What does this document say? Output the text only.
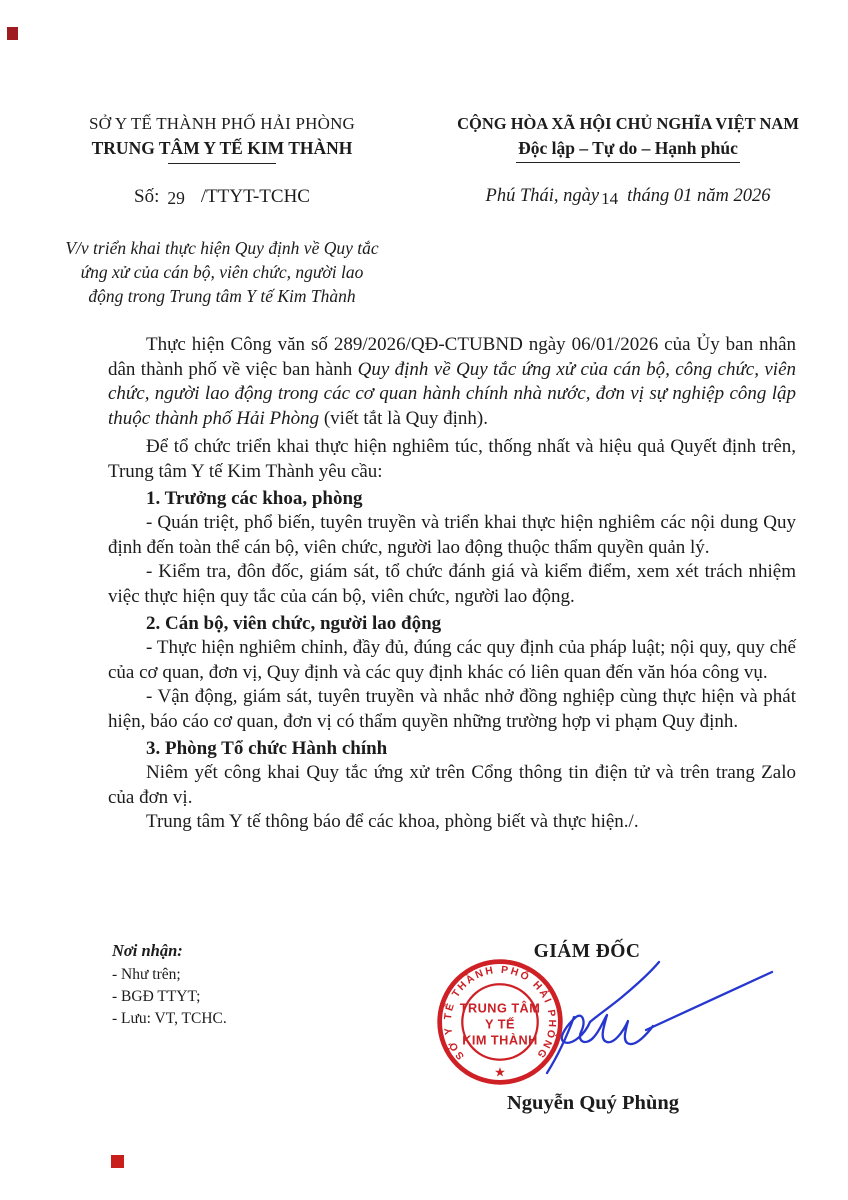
SỞ Y TẾ THÀNH PHỐ HẢI PHÒNG
TRUNG TÂM Y TẾ KIM THÀNH
Số: 29 /TTYT-TCHC
CỘNG HÒA XÃ HỘI CHỦ NGHĨA VIỆT NAM
Độc lập – Tự do – Hạnh phúc
Phú Thái, ngày 14 tháng 01 năm 2026
V/v triển khai thực hiện Quy định về Quy tắc
ứng xử của cán bộ, viên chức, người lao
động trong Trung tâm Y tế Kim Thành

Thực hiện Công văn số 289/2026/QĐ-CTUBND ngày 06/01/2026 của Ủy ban nhân dân thành phố về việc ban hành Quy định về Quy tắc ứng xử của cán bộ, công chức, viên chức, người lao động trong các cơ quan hành chính nhà nước, đơn vị sự nghiệp công lập thuộc thành phố Hải Phòng (viết tắt là Quy định).

Để tổ chức triển khai thực hiện nghiêm túc, thống nhất và hiệu quả Quyết định trên, Trung tâm Y tế Kim Thành yêu cầu:

1. Trưởng các khoa, phòng

- Quán triệt, phổ biến, tuyên truyền và triển khai thực hiện nghiêm các nội dung Quy định đến toàn thể cán bộ, viên chức, người lao động thuộc thẩm quyền quản lý.

- Kiểm tra, đôn đốc, giám sát, tổ chức đánh giá và kiểm điểm, xem xét trách nhiệm việc thực hiện quy tắc của cán bộ, viên chức, người lao động.

2. Cán bộ, viên chức, người lao động

- Thực hiện nghiêm chỉnh, đầy đủ, đúng các quy định của pháp luật; nội quy, quy chế của cơ quan, đơn vị, Quy định và các quy định khác có liên quan đến văn hóa công vụ.

- Vận động, giám sát, tuyên truyền và nhắc nhở đồng nghiệp cùng thực hiện và phát hiện, báo cáo cơ quan, đơn vị có thẩm quyền những trường hợp vi phạm Quy định.

3. Phòng Tổ chức Hành chính

Niêm yết công khai Quy tắc ứng xử trên Cổng thông tin điện tử và trên trang Zalo của đơn vị.

Trung tâm Y tế thông báo để các khoa, phòng biết và thực hiện./.

Nơi nhận:
- Như trên;
- BGĐ TTYT;
- Lưu: VT, TCHC.
GIÁM ĐỐC
Nguyễn Quý Phùng
SỞ Y TẾ THÀNH PHỐ HẢI PHÒNG
★
TRUNG TÂM
Y TẾ
KIM THÀNH
